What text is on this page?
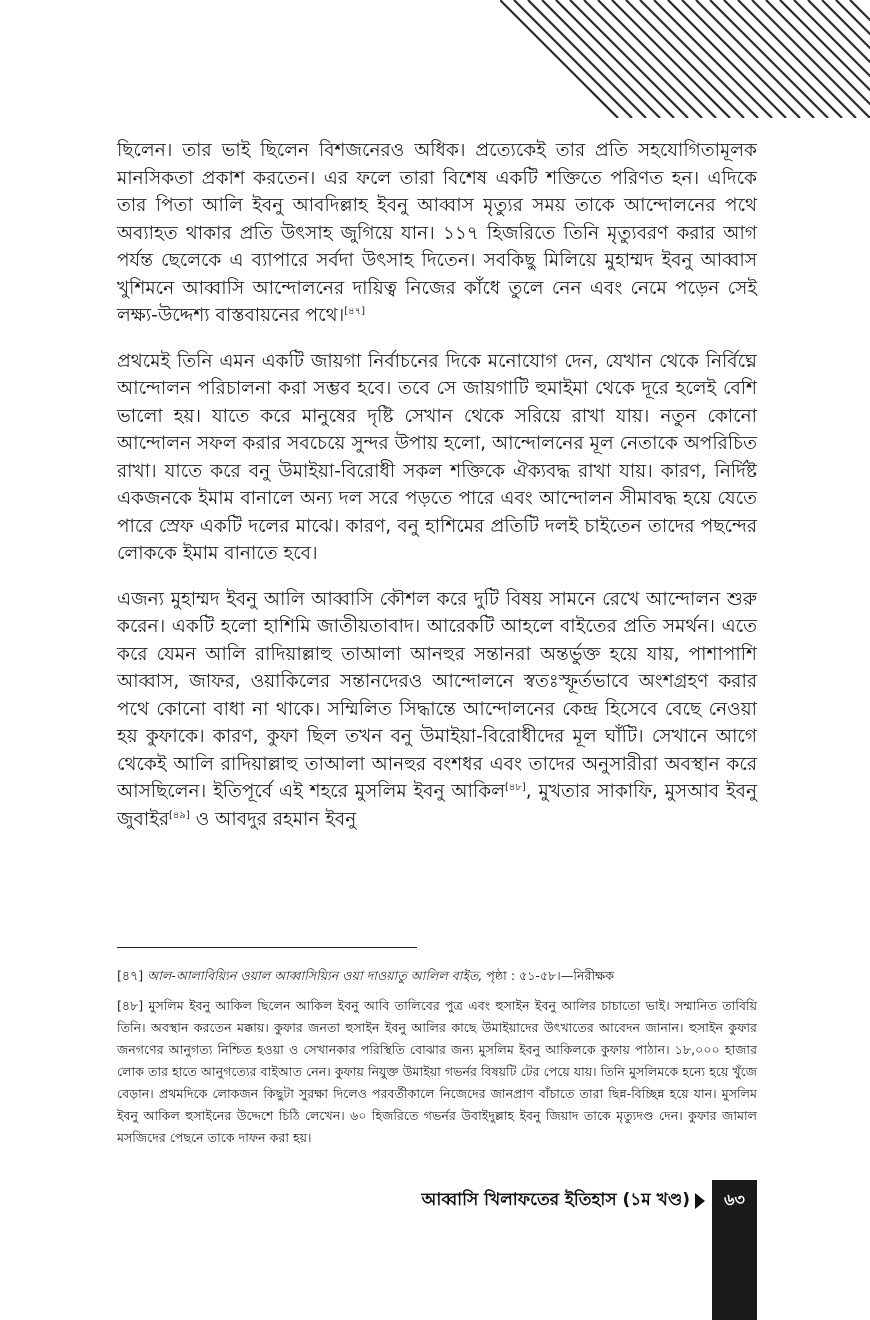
ছিলেন। তার ভাই ছিলেন বিশজনেরও অধিক। প্রত্যেকেই তার প্রতি সহযোগিতামূলক মানসিকতা প্রকাশ করতেন। এর ফলে তারা বিশেষ একটি শক্তিতে পরিণত হন। এদিকে তার পিতা আলি ইবনু আবদিল্লাহ ইবনু আব্বাস মৃত্যুর সময় তাকে আন্দোলনের পথে অব্যাহত থাকার প্রতি উৎসাহ জুগিয়ে যান। ১১৭ হিজরিতে তিনি মৃত্যুবরণ করার আগ পর্যন্ত ছেলেকে এ ব্যাপারে সর্বদা উৎসাহ দিতেন। সবকিছু মিলিয়ে মুহাম্মদ ইবনু আব্বাস খুশিমনে আব্বাসি আন্দোলনের দায়িত্ব নিজের কাঁধে তুলে নেন এবং নেমে পড়েন সেই লক্ষ্য-উদ্দেশ্য বাস্তবায়নের পথে।[৪৭]

প্রথমেই তিনি এমন একটি জায়গা নির্বাচনের দিকে মনোযোগ দেন, যেখান থেকে নির্বিঘ্নে আন্দোলন পরিচালনা করা সম্ভব হবে। তবে সে জায়গাটি হুমাইমা থেকে দূরে হলেই বেশি ভালো হয়। যাতে করে মানুষের দৃষ্টি সেখান থেকে সরিয়ে রাখা যায়। নতুন কোনো আন্দোলন সফল করার সবচেয়ে সুন্দর উপায় হলো, আন্দোলনের মূল নেতাকে অপরিচিত রাখা। যাতে করে বনু উমাইয়া-বিরোধী সকল শক্তিকে ঐক্যবদ্ধ রাখা যায়। কারণ, নির্দিষ্ট একজনকে ইমাম বানালে অন্য দল সরে পড়তে পারে এবং আন্দোলন সীমাবদ্ধ হয়ে যেতে পারে স্রেফ একটি দলের মাঝে। কারণ, বনু হাশিমের প্রতিটি দলই চাইতেন তাদের পছন্দের লোককে ইমাম বানাতে হবে।

এজন্য মুহাম্মদ ইবনু আলি আব্বাসি কৌশল করে দুটি বিষয় সামনে রেখে আন্দোলন শুরু করেন। একটি হলো হাশিমি জাতীয়তাবাদ। আরেকটি আহলে বাইতের প্রতি সমর্থন। এতে করে যেমন আলি রাদিয়াল্লাহু তাআলা আনহুর সন্তানরা অন্তর্ভুক্ত হয়ে যায়, পাশাপাশি আব্বাস, জাফর, ওয়াকিলের সন্তানদেরও আন্দোলনে স্বতঃস্ফূর্তভাবে অংশগ্রহণ করার পথে কোনো বাধা না থাকে। সম্মিলিত সিদ্ধান্তে আন্দোলনের কেন্দ্র হিসেবে বেছে নেওয়া হয় কুফাকে। কারণ, কুফা ছিল তখন বনু উমাইয়া-বিরোধীদের মূল ঘাঁটি। সেখানে আগে থেকেই আলি রাদিয়াল্লাহু তাআলা আনহুর বংশধর এবং তাদের অনুসারীরা অবস্থান করে আসছিলেন। ইতিপূর্বে এই শহরে মুসলিম ইবনু আকিল[৪৮], মুখতার সাকাফি, মুসআব ইবনু জুবাইর[৪৯] ও আবদুর রহমান ইবনু

[৪৭] আল-আলাবিয়্যিন ওয়াল আব্বাসিয়্যিন ওয়া দাওয়াতু আলিল বাইত, পৃষ্ঠা : ৫১-৫৮।—নিরীক্ষক

[৪৮] মুসলিম ইবনু আকিল ছিলেন আকিল ইবনু আবি তালিবের পুত্র এবং হুসাইন ইবনু আলির চাচাতো ভাই। সম্মানিত তাবিয়ি তিনি। অবস্থান করতেন মক্কায়। কুফার জনতা হুসাইন ইবনু আলির কাছে উমাইয়াদের উৎখাতের আবেদন জানান। হুসাইন কুফার জনগণের আনুগত্য নিশ্চিত হওয়া ও সেখানকার পরিস্থিতি বোঝার জন্য মুসলিম ইবনু আকিলকে কুফায় পাঠান। ১৮,০০০ হাজার লোক তার হাতে আনুগত্যের বাইআত নেন। কুফায় নিযুক্ত উমাইয়া গভর্নর বিষয়টি টের পেয়ে যায়। তিনি মুসলিমকে হন্যে হয়ে খুঁজে বেড়ান। প্রথমদিকে লোকজন কিছুটা সুরক্ষা দিলেও পরবর্তীকালে নিজেদের জানপ্রাণ বাঁচাতে তারা ছিন্ন-বিচ্ছিন্ন হয়ে যান। মুসলিম ইবনু আকিল হুসাইনের উদ্দেশে চিঠি লেখেন। ৬০ হিজরিতে গভর্নর উবাইদুল্লাহ ইবনু জিয়াদ তাকে মৃত্যুদণ্ড দেন। কুফার জামাল মসজিদের পেছনে তাকে দাফন করা হয়।

আব্বাসি খিলাফতের ইতিহাস (১ম খণ্ড)	৬৩
